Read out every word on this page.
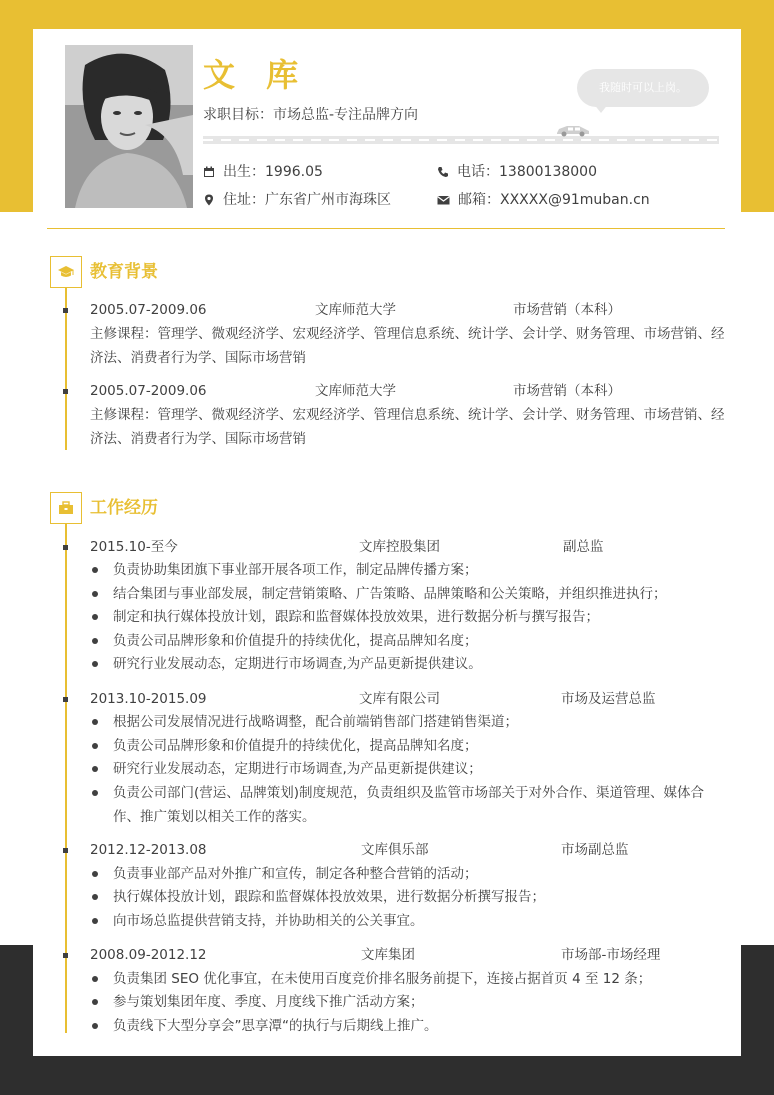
文 库
求职目标：市场总监-专注品牌方向
我随时可以上岗。
出生：1996.05	电话：13800138000
住址：广东省广州市海珠区	邮箱：XXXXX@91muban.cn
教育背景
2005.07-2009.06	文库师范大学	市场营销（本科）
主修课程：管理学、微观经济学、宏观经济学、管理信息系统、统计学、会计学、财务管理、市场营销、经济法、消费者行为学、国际市场营销
2005.07-2009.06	文库师范大学	市场营销（本科）
主修课程：管理学、微观经济学、宏观经济学、管理信息系统、统计学、会计学、财务管理、市场营销、经济法、消费者行为学、国际市场营销
工作经历
2015.10-至今	文库控股集团	副总监
负责协助集团旗下事业部开展各项工作，制定品牌传播方案；
结合集团与事业部发展，制定营销策略、广告策略、品牌策略和公关策略，并组织推进执行；
制定和执行媒体投放计划，跟踪和监督媒体投放效果，进行数据分析与撰写报告；
负责公司品牌形象和价值提升的持续优化，提高品牌知名度；
研究行业发展动态，定期进行市场调查,为产品更新提供建议。
2013.10-2015.09	文库有限公司	市场及运营总监
根据公司发展情况进行战略调整，配合前端销售部门搭建销售渠道；
负责公司品牌形象和价值提升的持续优化，提高品牌知名度；
研究行业发展动态，定期进行市场调查,为产品更新提供建议；
负责公司部门(营运、品牌策划)制度规范，负责组织及监管市场部关于对外合作、渠道管理、媒体合作、推广策划以相关工作的落实。
2012.12-2013.08	文库俱乐部	市场副总监
负责事业部产品对外推广和宣传，制定各种整合营销的活动；
执行媒体投放计划，跟踪和监督媒体投放效果，进行数据分析撰写报告；
向市场总监提供营销支持，并协助相关的公关事宜。
2008.09-2012.12	文库集团	市场部-市场经理
负责集团 SEO 优化事宜，在未使用百度竞价排名服务前提下，连接占据首页 4 至 12 条；
参与策划集团年度、季度、月度线下推广活动方案；
负责线下大型分享会”思享潭“的执行与后期线上推广。
